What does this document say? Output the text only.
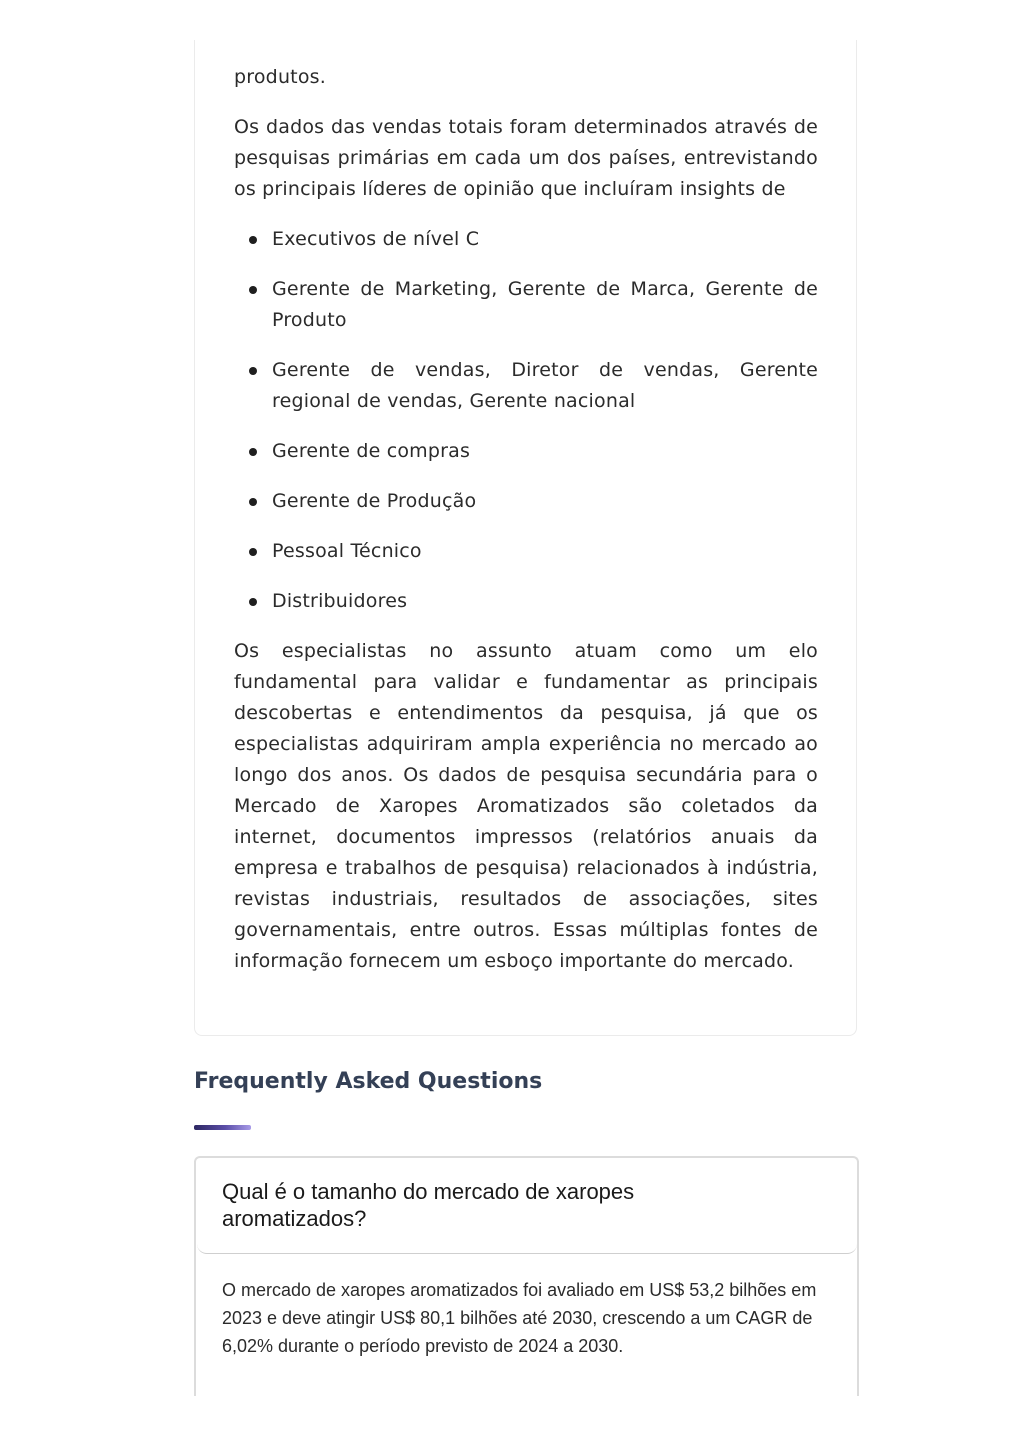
produtos.

Os dados das vendas totais foram determinados através de pesquisas primárias em cada um dos países, entrevistando os principais líderes de opinião que incluíram insights de

Executivos de nível C
Gerente de Marketing, Gerente de Marca, Gerente de Produto
Gerente de vendas, Diretor de vendas, Gerente regional de vendas, Gerente nacional
Gerente de compras
Gerente de Produção
Pessoal Técnico
Distribuidores

Os especialistas no assunto atuam como um elo fundamental para validar e fundamentar as principais descobertas e entendimentos da pesquisa, já que os especialistas adquiriram ampla experiência no mercado ao longo dos anos. Os dados de pesquisa secundária para o Mercado de Xaropes Aromatizados são coletados da internet, documentos impressos (relatórios anuais da empresa e trabalhos de pesquisa) relacionados à indústria, revistas industriais, resultados de associações, sites governamentais, entre outros. Essas múltiplas fontes de informação fornecem um esboço importante do mercado.

Frequently Asked Questions
Qual é o tamanho do mercado de xaropes aromatizados?
O mercado de xaropes aromatizados foi avaliado em US$ 53,2 bilhões em 2023 e deve atingir US$ 80,1 bilhões até 2030, crescendo a um CAGR de 6,02% durante o período previsto de 2024 a 2030.
